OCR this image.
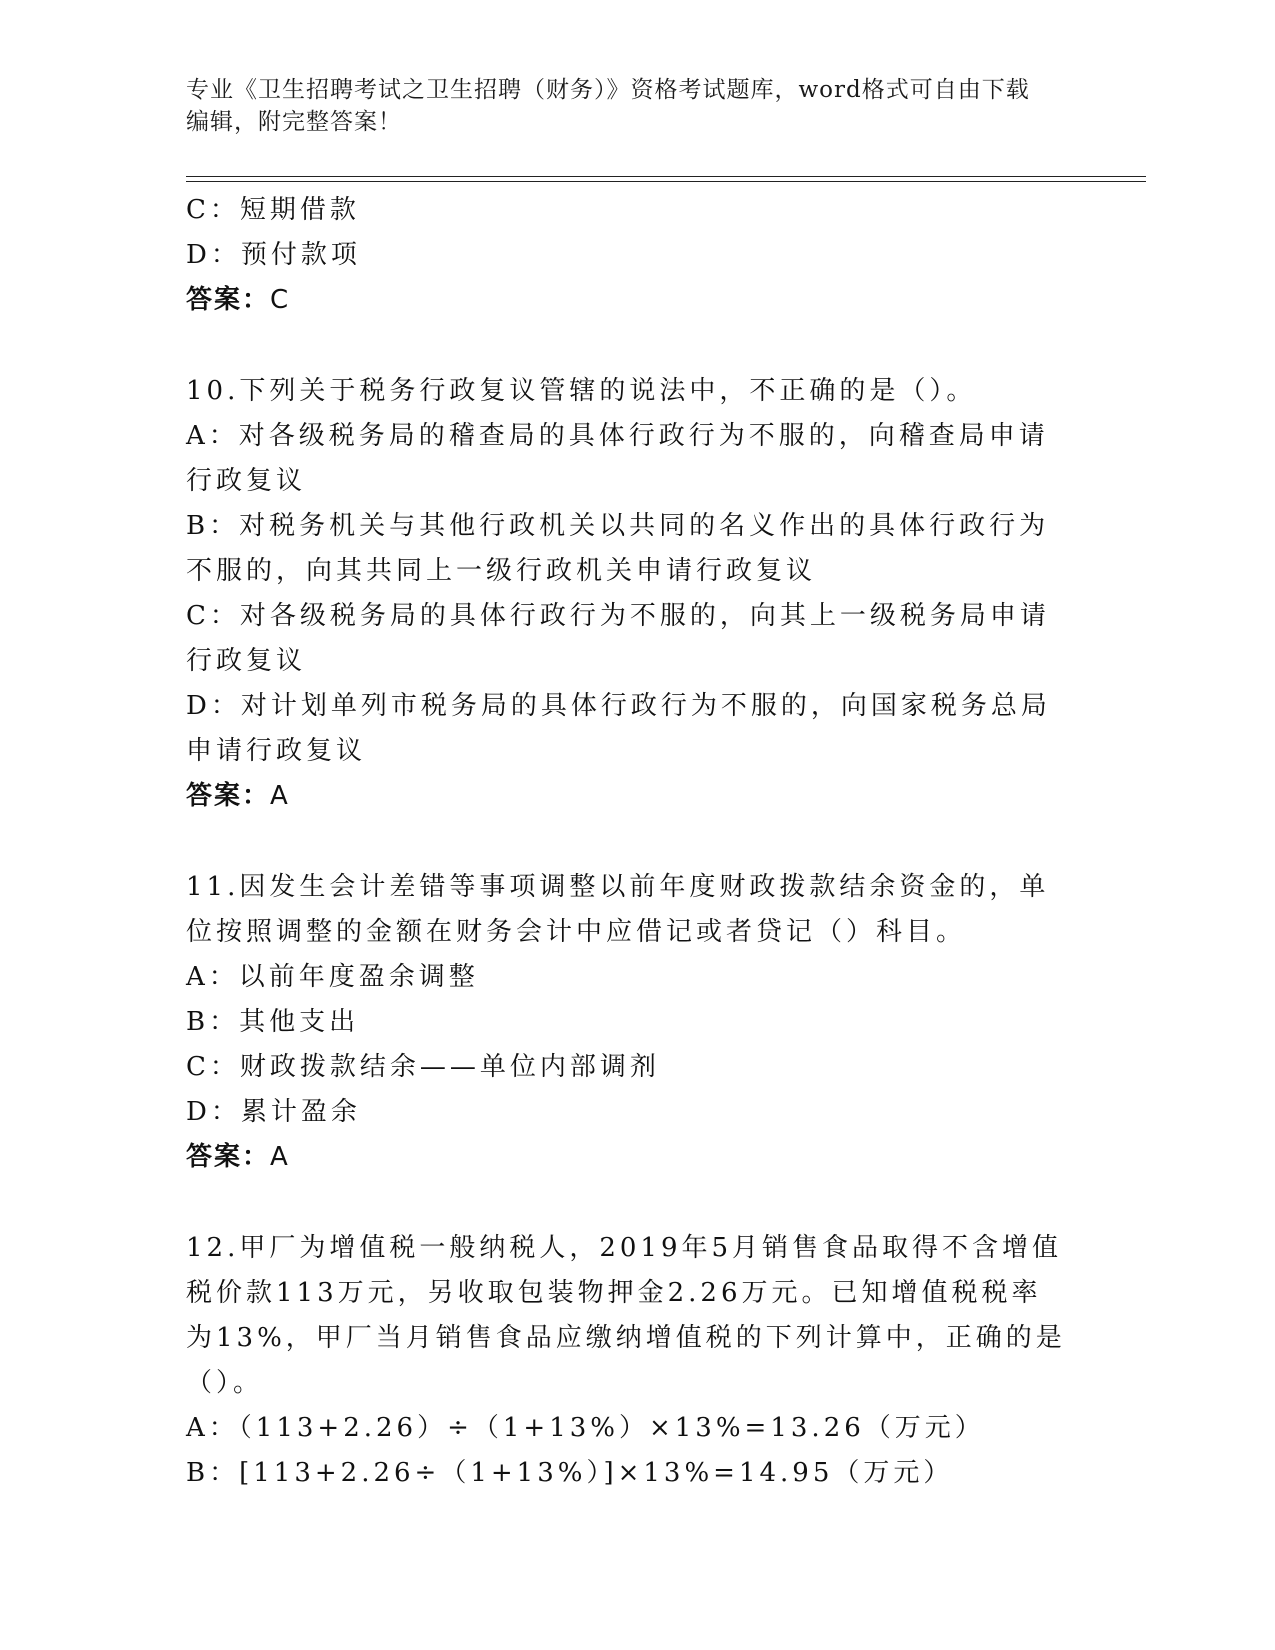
专业《卫生招聘考试之卫生招聘（财务）》资格考试题库，word格式可自由下载
编辑，附完整答案！
C：短期借款
D：预付款项
答案：C
10.下列关于税务行政复议管辖的说法中，不正确的是（）。
A：对各级税务局的稽查局的具体行政行为不服的，向稽查局申请行政复议
B：对税务机关与其他行政机关以共同的名义作出的具体行政行为不服的，向其共同上一级行政机关申请行政复议
C：对各级税务局的具体行政行为不服的，向其上一级税务局申请行政复议
D：对计划单列市税务局的具体行政行为不服的，向国家税务总局申请行政复议
答案：A
11.因发生会计差错等事项调整以前年度财政拨款结余资金的，单位按照调整的金额在财务会计中应借记或者贷记（）科目。
A：以前年度盈余调整
B：其他支出
C：财政拨款结余——单位内部调剂
D：累计盈余
答案：A
12.甲厂为增值税一般纳税人，2019年5月销售食品取得不含增值税价款113万元，另收取包装物押金2.26万元。已知增值税税率为13%，甲厂当月销售食品应缴纳增值税的下列计算中，正确的是（）。
A：（113+2.26）÷（1+13%）×13%=13.26（万元）
B：[113+2.26÷（1+13%）]×13%=14.95（万元）
